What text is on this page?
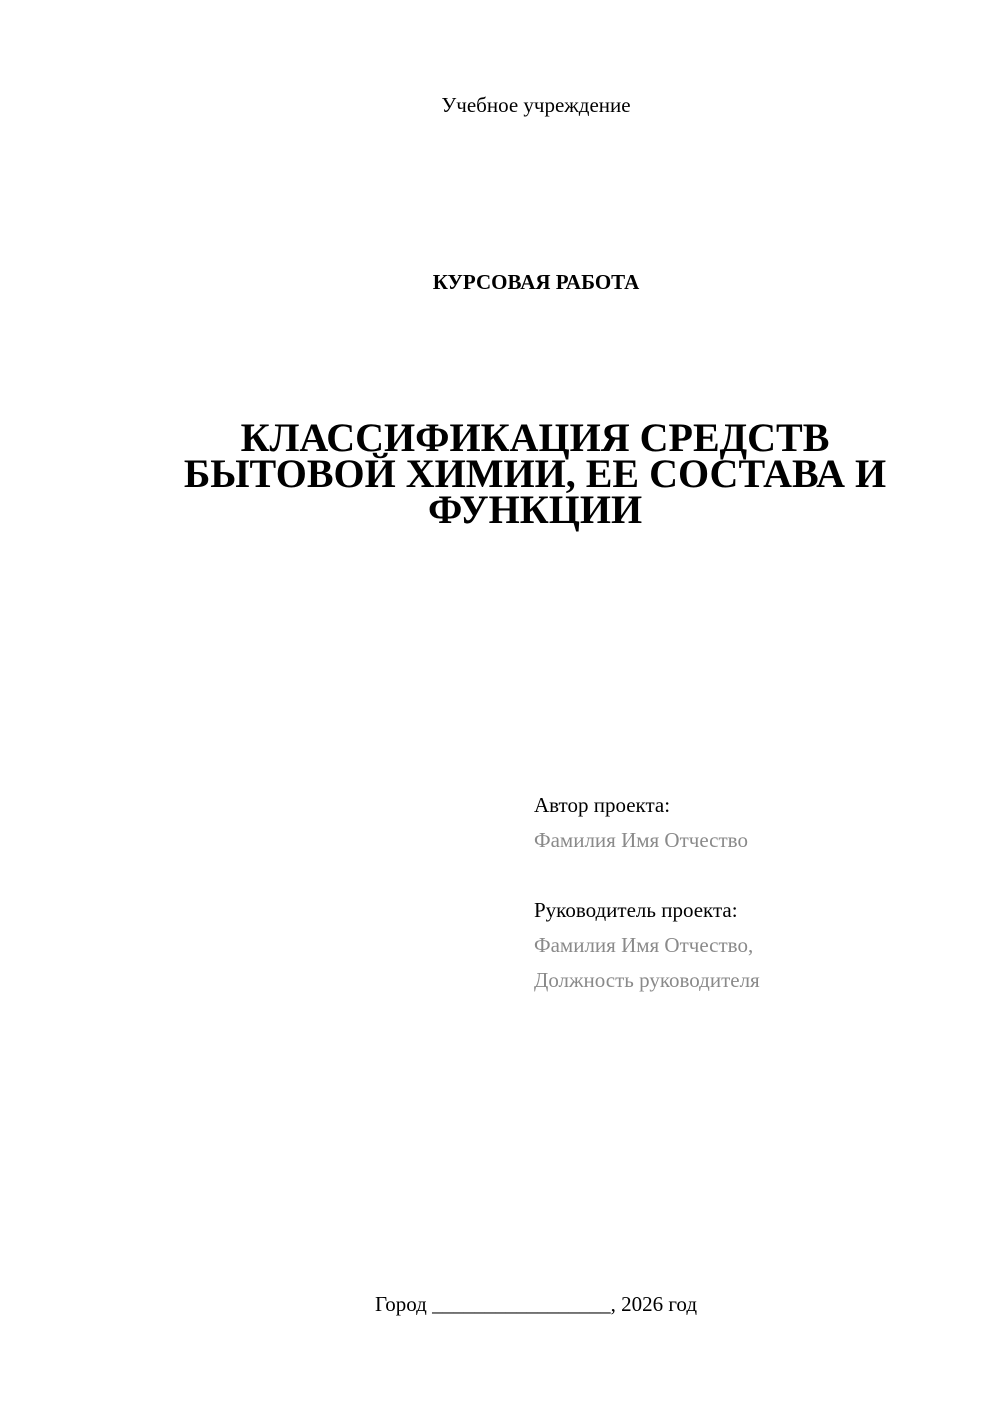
Учебное учреждение
КУРСОВАЯ РАБОТА
КЛАССИФИКАЦИЯ СРЕДСТВ
БЫТОВОЙ ХИМИИ, ЕЕ СОСТАВА И
ФУНКЦИИ
Автор проекта:
Фамилия Имя Отчество
Руководитель проекта:
Фамилия Имя Отчество,
Должность руководителя
Город _________________, 2026 год
